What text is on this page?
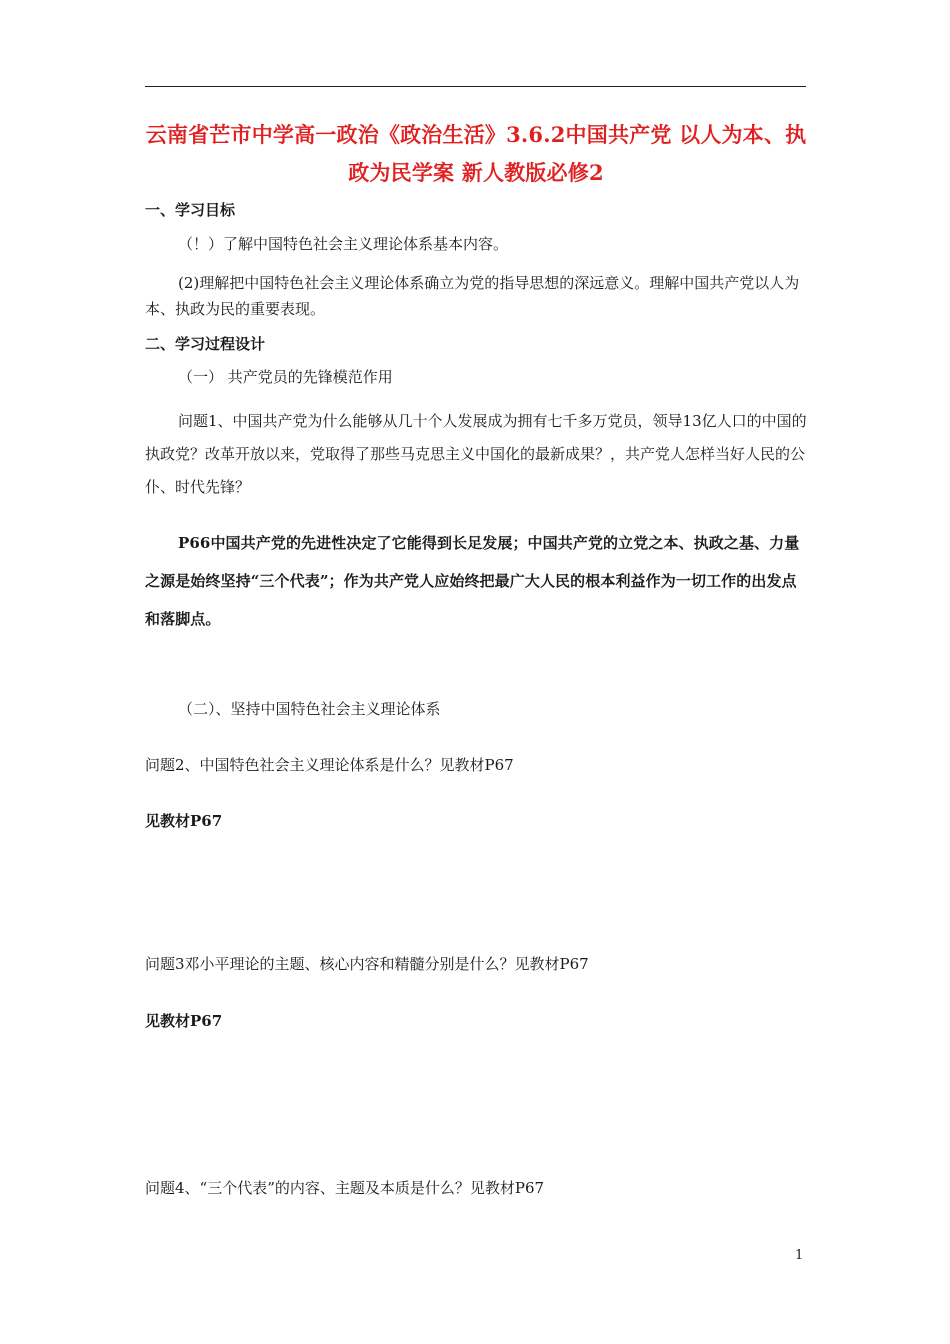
云南省芒市中学高一政治《政治生活》3.6.2中国共产党 以人为本、执政为民学案 新人教版必修2
一、学习目标
（！）了解中国特色社会主义理论体系基本内容。
(2)理解把中国特色社会主义理论体系确立为党的指导思想的深远意义。理解中国共产党以人为本、执政为民的重要表现。
二、学习过程设计
（一） 共产党员的先锋模范作用
问题1、中国共产党为什么能够从几十个人发展成为拥有七千多万党员，领导13亿人口的中国的执政党？改革开放以来，党取得了那些马克思主义中国化的最新成果？，共产党人怎样当好人民的公仆、时代先锋？
P66中国共产党的先进性决定了它能得到长足发展；中国共产党的立党之本、执政之基、力量之源是始终坚持“三个代表”；作为共产党人应始终把最广大人民的根本利益作为一切工作的出发点和落脚点。
（二）、坚持中国特色社会主义理论体系
问题2、中国特色社会主义理论体系是什么？见教材P67
见教材P67
问题3邓小平理论的主题、核心内容和精髓分别是什么？见教材P67
见教材P67
问题4、“三个代表”的内容、主题及本质是什么？见教材P67
1
